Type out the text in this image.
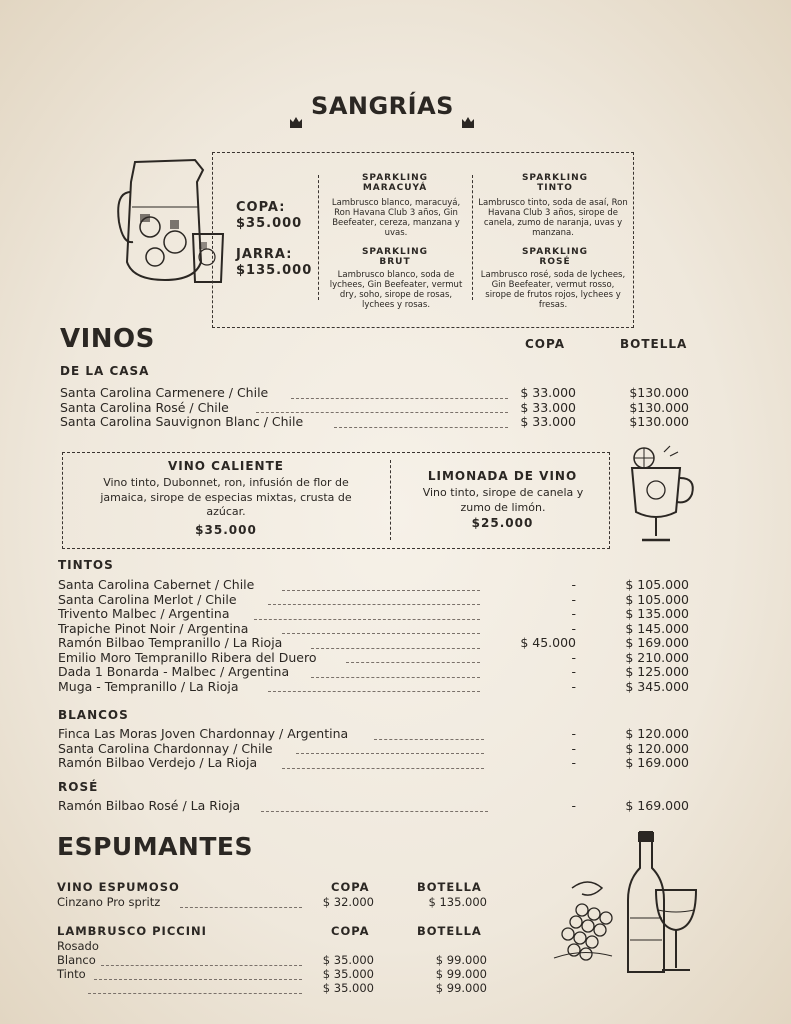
SANGRÍAS
COPA:
$35.000
JARRA:
$135.000
SPARKLING
MARACUYÁ
Lambrusco blanco, maracuyá, Ron Havana Club 3 años, Gin Beefeater, cereza, manzana y uvas.
SPARKLING
TINTO
Lambrusco tinto, soda de asaí, Ron Havana Club 3 años, sirope de canela, zumo de naranja, uvas y manzana.
SPARKLING
BRUT
Lambrusco blanco, soda de lychees, Gin Beefeater, vermut dry, soho, sirope de rosas, lychees y rosas.
SPARKLING
ROSÉ
Lambrusco rosé, soda de lychees, Gin Beefeater, vermut rosso, sirope de frutos rojos, lychees y fresas.
VINOS	COPA	BOTELLA
DE LA CASA
Santa Carolina Carmenere / Chile	$ 33.000	$130.000
Santa Carolina Rosé / Chile	$ 33.000	$130.000
Santa Carolina Sauvignon Blanc / Chile	$ 33.000	$130.000
VINO CALIENTE
Vino tinto, Dubonnet, ron, infusión de flor de jamaica, sirope de especias mixtas, crusta de azúcar.
$35.000
LIMONADA DE VINO
Vino tinto, sirope de canela y zumo de limón.
$25.000
TINTOS
Santa Carolina Cabernet / Chile	-	$ 105.000
Santa Carolina Merlot / Chile	-	$ 105.000
Trivento Malbec / Argentina	-	$ 135.000
Trapiche Pinot Noir / Argentina	-	$ 145.000
Ramón Bilbao Tempranillo / La Rioja	$ 45.000	$ 169.000
Emilio Moro Tempranillo Ribera del Duero	-	$ 210.000
Dada 1 Bonarda - Malbec / Argentina	-	$ 125.000
Muga - Tempranillo / La Rioja	-	$ 345.000
BLANCOS
Finca Las Moras Joven Chardonnay / Argentina	-	$ 120.000
Santa Carolina Chardonnay / Chile	-	$ 120.000
Ramón Bilbao Verdejo / La Rioja	-	$ 169.000
ROSÉ
Ramón Bilbao Rosé / La Rioja	-	$ 169.000
ESPUMANTES
VINO ESPUMOSO	COPA	BOTELLA
Cinzano Pro spritz	$ 32.000	$ 135.000
LAMBRUSCO PICCINI	COPA	BOTELLA
Rosado
Blanco	$ 35.000	$ 99.000
Tinto	$ 35.000	$ 99.000
$ 35.000	$ 99.000
